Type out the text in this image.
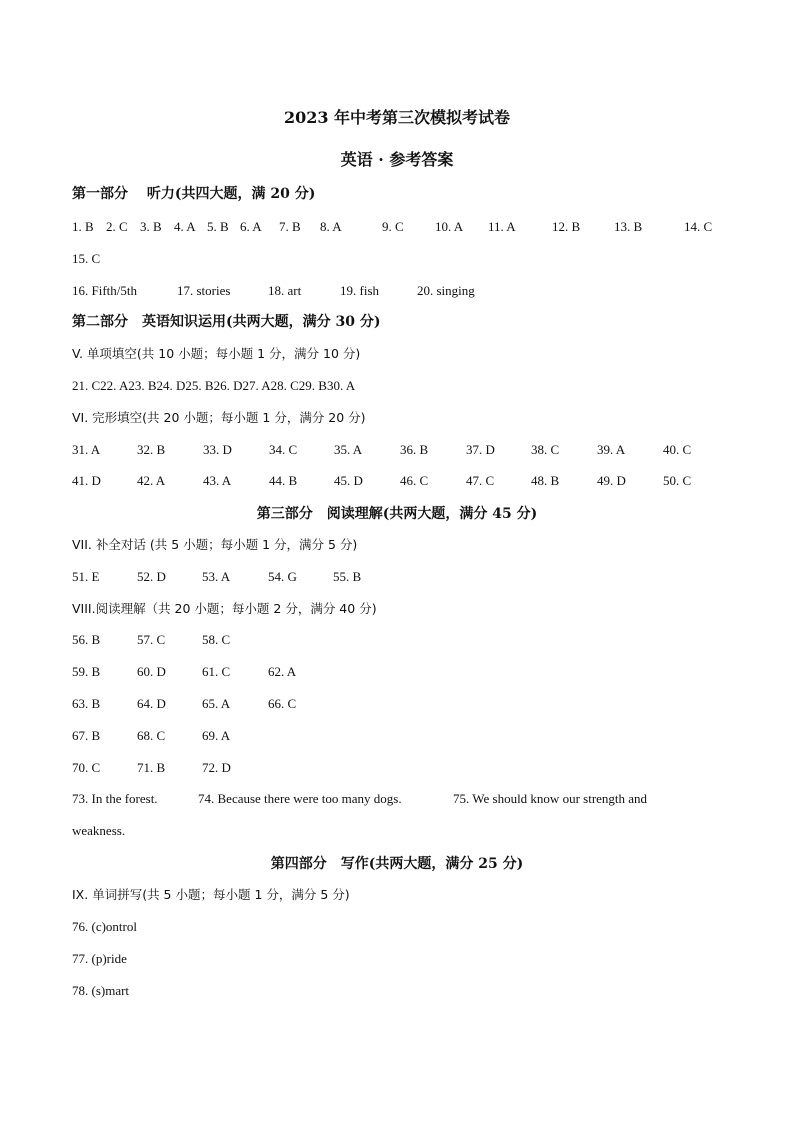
2023 年中考第三次模拟考试卷
英语 · 参考答案
第一部分　 听力(共四大题，满 20 分)
1. B 2. C 3. B 4. A 5. B 6. A 7. B 8. A	9. C 10. A 11. A	12. B	13. B	14. C
15. C
16. Fifth/5th	17. stories	18. art	19. fish	20. singing
第二部分　英语知识运用(共两大题，满分 30 分)
V. 单项填空(共 10 小题；每小题 1 分，满分 10 分)
21. C22. A23. B24. D25. B26. D27. A28. C29. B30. A
VI. 完形填空(共 20 小题；每小题 1 分，满分 20 分)
31. A	32. B	33. D	34. C	35. A	36. B	37. D	38. C	39. A	40. C
41. D	42. A	43. A	44. B	45. D	46. C	47. C	48. B	49. D	50. C
第三部分　阅读理解(共两大题，满分 45 分)
VII. 补全对话 (共 5 小题；每小题 1 分，满分 5 分)
51. E	52. D	53. A	54. G	55. B
VIII.阅读理解（共 20 小题；每小题 2 分，满分 40 分)
56. B	57. C	58. C
59. B	60. D	61. C	62. A
63. B	64. D	65. A	66. C
67. B	68. C	69. A
70. C	71. B	72. D
73. In the forest.	74. Because there were too many dogs.	75. We should know our strength and
weakness.
第四部分　写作(共两大题，满分 25 分)
IX. 单词拼写(共 5 小题；每小题 1 分，满分 5 分)
76. (c)ontrol
77. (p)ride
78. (s)mart
